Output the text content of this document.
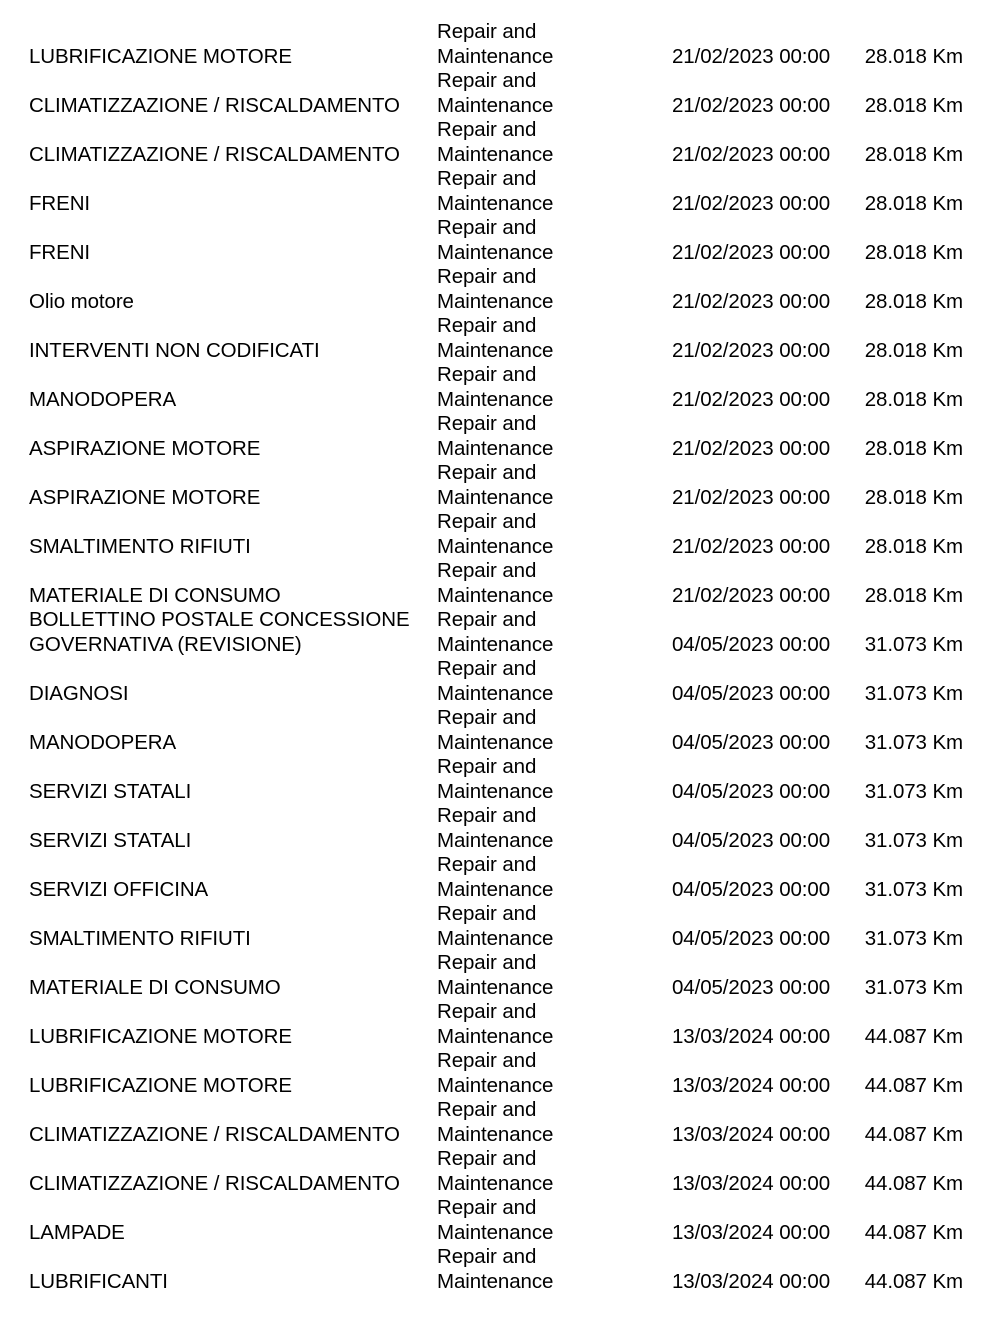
LUBRIFICAZIONE MOTORE	Repair and Maintenance	21/02/2023 00:00	28.018 Km

CLIMATIZZAZIONE / RISCALDAMENTO	Repair and Maintenance	21/02/2023 00:00	28.018 Km

CLIMATIZZAZIONE / RISCALDAMENTO	Repair and Maintenance	21/02/2023 00:00	28.018 Km

FRENI	Repair and Maintenance	21/02/2023 00:00	28.018 Km

FRENI	Repair and Maintenance	21/02/2023 00:00	28.018 Km

Olio motore	Repair and Maintenance	21/02/2023 00:00	28.018 Km

INTERVENTI NON CODIFICATI	Repair and Maintenance	21/02/2023 00:00	28.018 Km

MANODOPERA	Repair and Maintenance	21/02/2023 00:00	28.018 Km

ASPIRAZIONE MOTORE	Repair and Maintenance	21/02/2023 00:00	28.018 Km

ASPIRAZIONE MOTORE	Repair and Maintenance	21/02/2023 00:00	28.018 Km

SMALTIMENTO RIFIUTI	Repair and Maintenance	21/02/2023 00:00	28.018 Km

MATERIALE DI CONSUMO	Repair and Maintenance	21/02/2023 00:00	28.018 Km

BOLLETTINO POSTALE CONCESSIONE GOVERNATIVA (REVISIONE)	Repair and Maintenance	04/05/2023 00:00	31.073 Km

DIAGNOSI	Repair and Maintenance	04/05/2023 00:00	31.073 Km

MANODOPERA	Repair and Maintenance	04/05/2023 00:00	31.073 Km

SERVIZI STATALI	Repair and Maintenance	04/05/2023 00:00	31.073 Km

SERVIZI STATALI	Repair and Maintenance	04/05/2023 00:00	31.073 Km

SERVIZI OFFICINA	Repair and Maintenance	04/05/2023 00:00	31.073 Km

SMALTIMENTO RIFIUTI	Repair and Maintenance	04/05/2023 00:00	31.073 Km

MATERIALE DI CONSUMO	Repair and Maintenance	04/05/2023 00:00	31.073 Km

LUBRIFICAZIONE MOTORE	Repair and Maintenance	13/03/2024 00:00	44.087 Km

LUBRIFICAZIONE MOTORE	Repair and Maintenance	13/03/2024 00:00	44.087 Km

CLIMATIZZAZIONE / RISCALDAMENTO	Repair and Maintenance	13/03/2024 00:00	44.087 Km

CLIMATIZZAZIONE / RISCALDAMENTO	Repair and Maintenance	13/03/2024 00:00	44.087 Km

LAMPADE	Repair and Maintenance	13/03/2024 00:00	44.087 Km

LUBRIFICANTI	Repair and Maintenance	13/03/2024 00:00	44.087 Km
